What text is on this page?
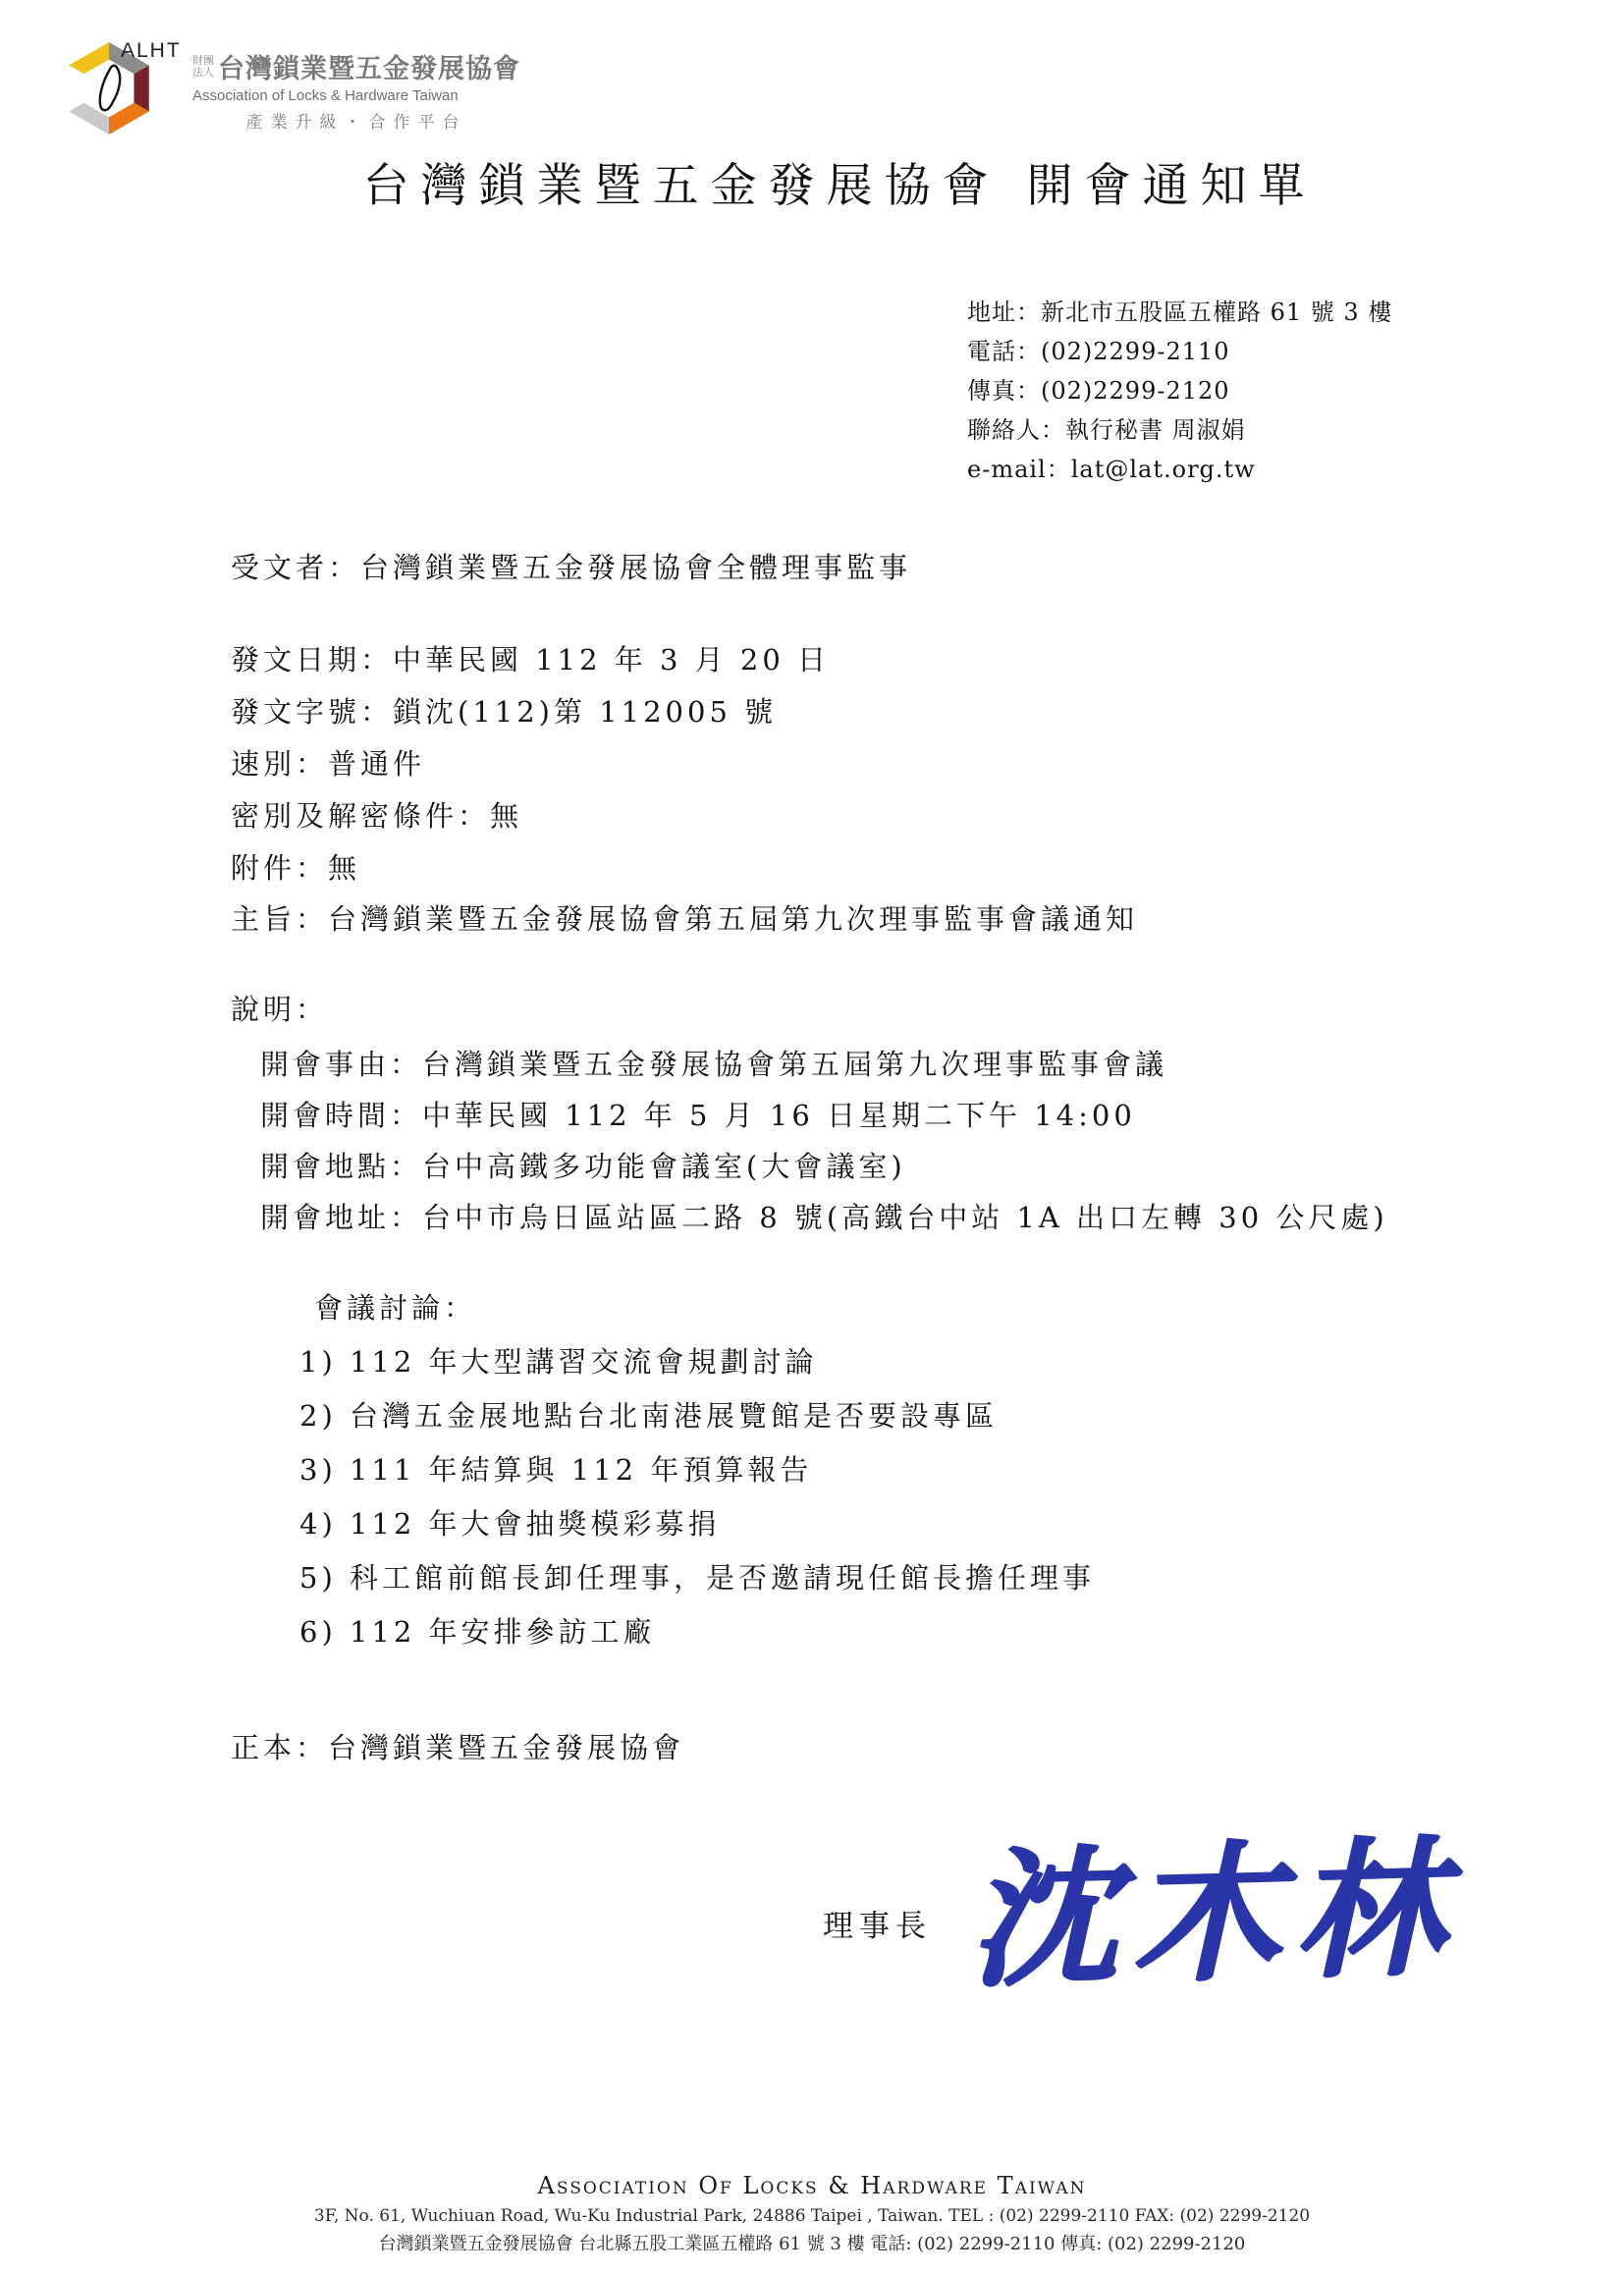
ALHT 財團
法人 台灣鎖業暨五金發展協會
Association of Locks & Hardware Taiwan
產業升級・合作平台
台灣鎖業暨五金發展協會 開會通知單
地址：新北市五股區五權路 61 號 3 樓
電話：(02)2299-2110
傳真：(02)2299-2120
聯絡人：執行秘書 周淑娟
e-mail：lat@lat.org.tw
受文者：台灣鎖業暨五金發展協會全體理事監事
發文日期：中華民國 112 年 3 月 20 日
發文字號：鎖沈(112)第 112005 號
速別：普通件
密別及解密條件：無
附件：無
主旨：台灣鎖業暨五金發展協會第五屆第九次理事監事會議通知
說明：
開會事由：台灣鎖業暨五金發展協會第五屆第九次理事監事會議
開會時間：中華民國 112 年 5 月 16 日星期二下午 14:00
開會地點：台中高鐵多功能會議室(大會議室)
開會地址：台中市烏日區站區二路 8 號(高鐵台中站 1A 出口左轉 30 公尺處)
會議討論：
1) 112 年大型講習交流會規劃討論
2) 台灣五金展地點台北南港展覽館是否要設專區
3) 111 年結算與 112 年預算報告
4) 112 年大會抽獎模彩募捐
5) 科工館前館長卸任理事，是否邀請現任館長擔任理事
6) 112 年安排參訪工廠
正本：台灣鎖業暨五金發展協會
理事長 沈木林
Association Of Locks & Hardware Taiwan
3F, No. 61, Wuchiuan Road, Wu-Ku Industrial Park, 24886 Taipei , Taiwan. TEL : (02) 2299-2110 FAX: (02) 2299-2120
台灣鎖業暨五金發展協會 台北縣五股工業區五權路 61 號 3 樓 電話: (02) 2299-2110 傳真: (02) 2299-2120
